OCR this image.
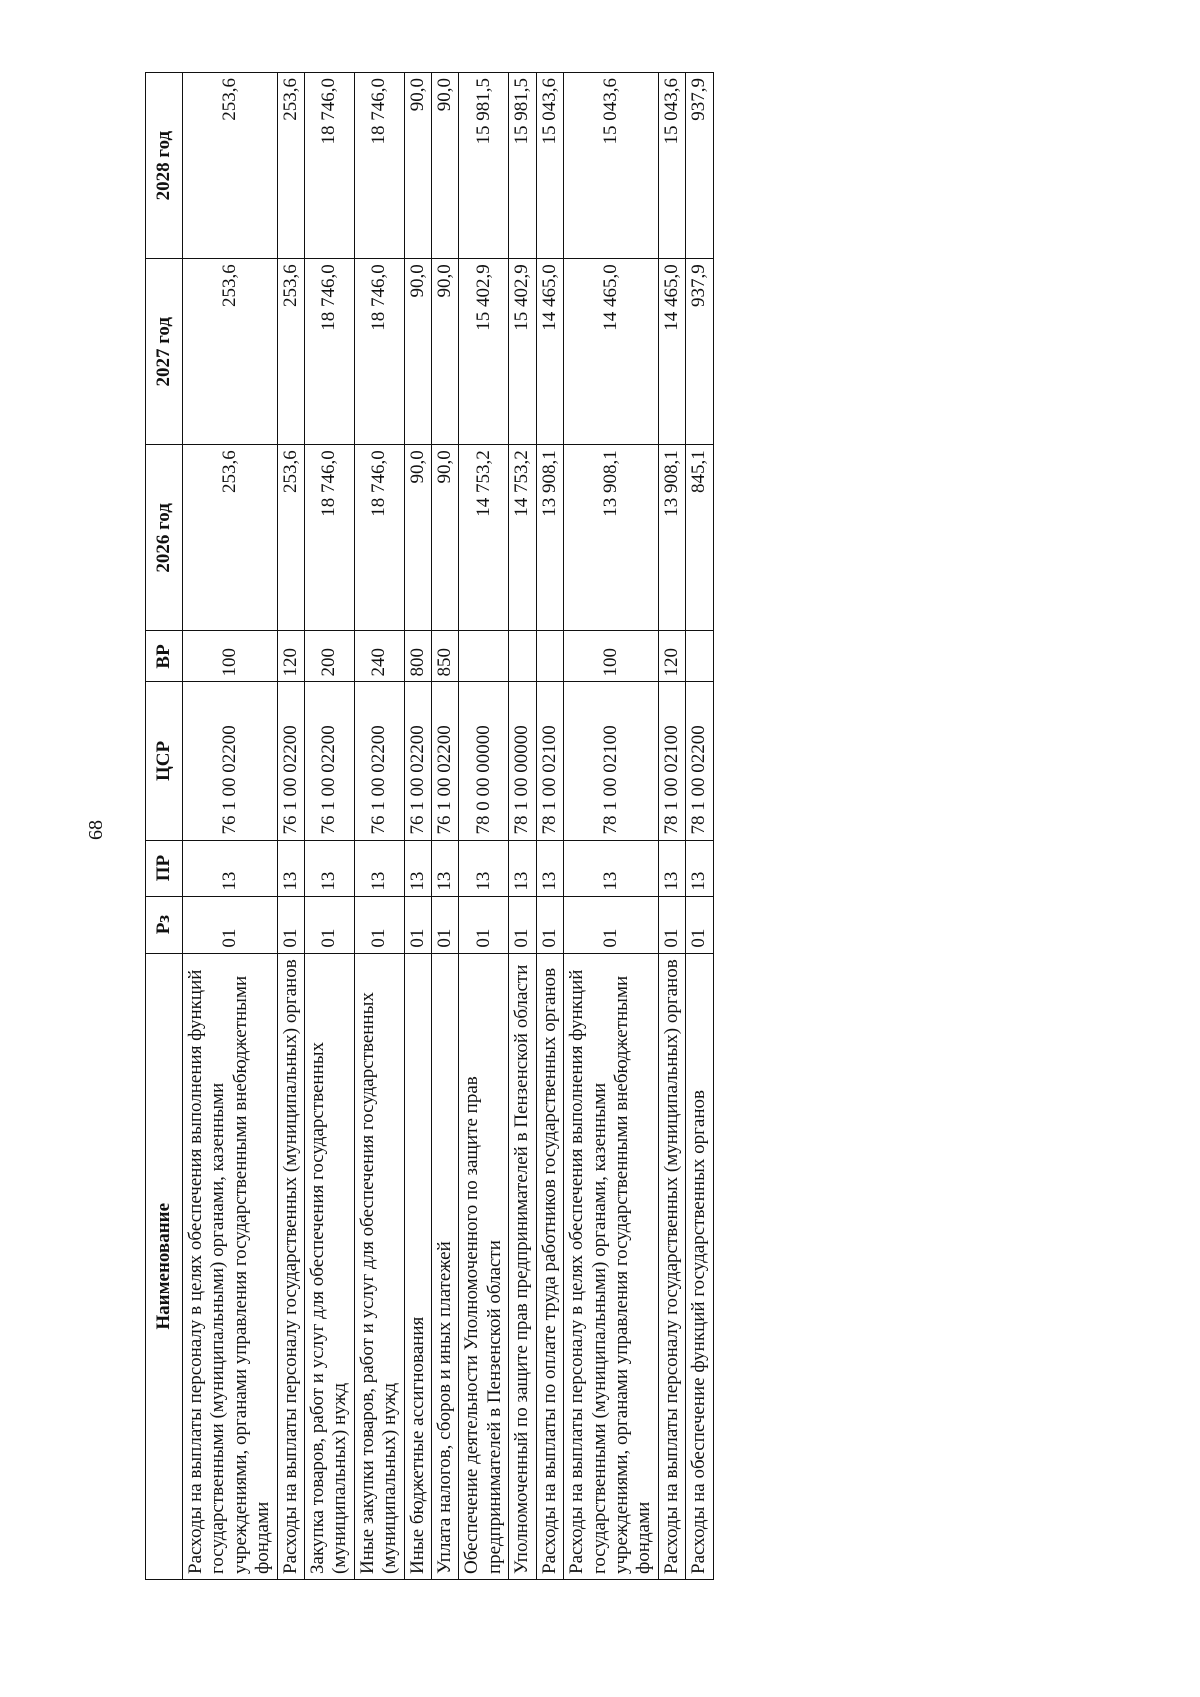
68
Наименование	Рз	ПР	ЦСР	ВР	2026 год	2027 год	2028 год
Расходы на выплаты персоналу в целях обеспечения выполнения функций государственными (муниципальными) органами, казенными учреждениями, органами управления государственными внебюджетными фондами	01	13	76 1 00 02200	100	253,6	253,6	253,6
Расходы на выплаты персоналу государственных (муниципальных) органов	01	13	76 1 00 02200	120	253,6	253,6	253,6
Закупка товаров, работ и услуг для обеспечения государственных (муниципальных) нужд	01	13	76 1 00 02200	200	18 746,0	18 746,0	18 746,0
Иные закупки товаров, работ и услуг для обеспечения государственных (муниципальных) нужд	01	13	76 1 00 02200	240	18 746,0	18 746,0	18 746,0
Иные бюджетные ассигнования	01	13	76 1 00 02200	800	90,0	90,0	90,0
Уплата налогов, сборов и иных платежей	01	13	76 1 00 02200	850	90,0	90,0	90,0
Обеспечение деятельности Уполномоченного по защите прав предпринимателей в Пензенской области	01	13	78 0 00 00000		14 753,2	15 402,9	15 981,5
Уполномоченный по защите прав предпринимателей в Пензенской области	01	13	78 1 00 00000		14 753,2	15 402,9	15 981,5
Расходы на выплаты по оплате труда работников государственных органов	01	13	78 1 00 02100		13 908,1	14 465,0	15 043,6
Расходы на выплаты персоналу в целях обеспечения выполнения функций государственными (муниципальными) органами, казенными учреждениями, органами управления государственными внебюджетными фондами	01	13	78 1 00 02100	100	13 908,1	14 465,0	15 043,6
Расходы на выплаты персоналу государственных (муниципальных) органов	01	13	78 1 00 02100	120	13 908,1	14 465,0	15 043,6
Расходы на обеспечение функций государственных органов	01	13	78 1 00 02200		845,1	937,9	937,9
